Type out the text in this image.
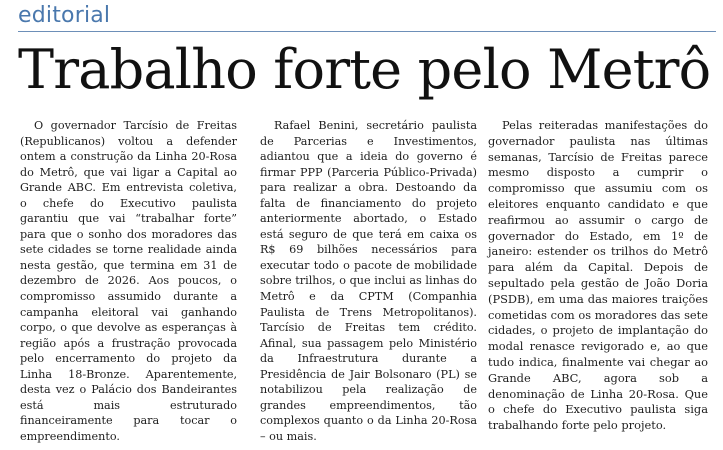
editorial
Trabalho forte pelo Metrô

O governador Tarcísio de Freitas (Republicanos) voltou a defender ontem a construção da Linha 20-Rosa do Metrô, que vai ligar a Capital ao Grande ABC. Em entrevista coletiva, o chefe do Executivo paulista garantiu que vai “trabalhar forte” para que o sonho dos moradores das sete cidades se torne realidade ainda nesta gestão, que termina em 31 de dezembro de 2026. Aos poucos, o compromisso assumido durante a campanha eleitoral vai ganhando corpo, o que devolve as esperanças à região após a frustração provocada pelo encerramento do projeto da Linha 18-Bronze. Aparentemente, desta vez o Palácio dos Bandeirantes está mais estruturado financeiramente para tocar o empreendimento.

Rafael Benini, secretário paulista de Parcerias e Investimentos, adiantou que a ideia do governo é firmar PPP (Parceria Público-Privada) para realizar a obra. Destoando da falta de financiamento do projeto anteriormente abortado, o Estado está seguro de que terá em caixa os R$ 69 bilhões necessários para executar todo o pacote de mobilidade sobre trilhos, o que inclui as linhas do Metrô e da CPTM (Companhia Paulista de Trens Metropolitanos). Tarcísio de Freitas tem crédito. Afinal, sua passagem pelo Ministério da Infraestrutura durante a Presidência de Jair Bolsonaro (PL) se notabilizou pela realização de grandes empreendimentos, tão complexos quanto o da Linha 20-Rosa – ou mais.

Pelas reiteradas manifestações do governador paulista nas últimas semanas, Tarcísio de Freitas parece mesmo disposto a cumprir o compromisso que assumiu com os eleitores enquanto candidato e que reafirmou ao assumir o cargo de governador do Estado, em 1º de janeiro: estender os trilhos do Metrô para além da Capital. Depois de sepultado pela gestão de João Doria (PSDB), em uma das maiores traições cometidas com os moradores das sete cidades, o projeto de implantação do modal renasce revigorado e, ao que tudo indica, finalmente vai chegar ao Grande ABC, agora sob a denominação de Linha 20-Rosa. Que o chefe do Executivo paulista siga trabalhando forte pelo projeto.
